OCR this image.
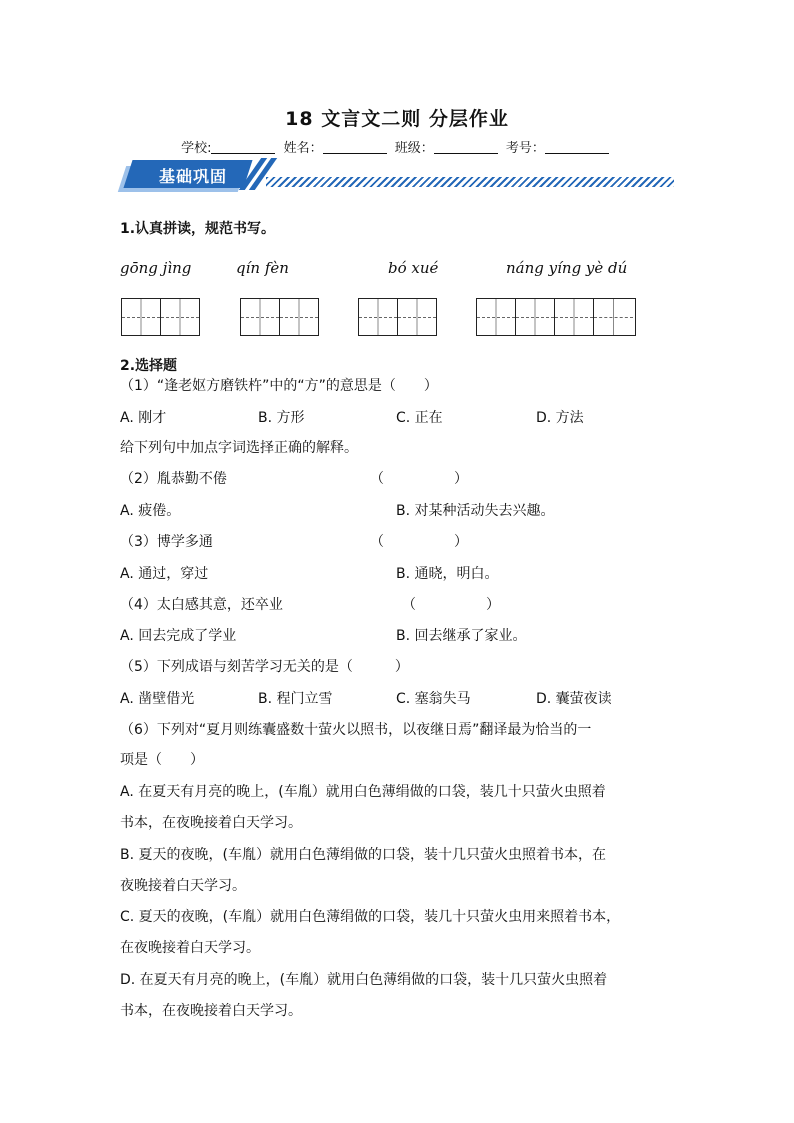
18 文言文二则 分层作业
学校:	姓名：	班级：	考号：
基础巩固
1.认真拼读，规范书写。
gōng jìng	qín fèn	bó xué	náng yíng yè dú
2.选择题
（1）“逢老妪方磨铁杵”中的“方”的意思是（　　）
A. 刚才	B. 方形	C. 正在	D. 方法
给下列句中加点字词选择正确的解释。
（2）胤恭勤不倦	（　　　　　）
A. 疲倦。	B. 对某种活动失去兴趣。
（3）博学多通	（　　　　　）
A. 通过，穿过	B. 通晓，明白。
（4）太白感其意，还卒业	（　　　　　）
A. 回去完成了学业	B. 回去继承了家业。
（5）下列成语与刻苦学习无关的是（　　　）
A. 凿壁借光	B. 程门立雪	C. 塞翁失马	D. 囊萤夜读
（6）下列对“夏月则练囊盛数十萤火以照书，以夜继日焉”翻译最为恰当的一
项是（　　）
A. 在夏天有月亮的晚上，(车胤）就用白色薄绢做的口袋，装几十只萤火虫照着
书本，在夜晚接着白天学习。
B. 夏天的夜晚，(车胤）就用白色薄绢做的口袋，装十几只萤火虫照着书本，在
夜晚接着白天学习。
C. 夏天的夜晚，(车胤）就用白色薄绢做的口袋，装几十只萤火虫用来照着书本，
在夜晚接着白天学习。
D. 在夏天有月亮的晚上，(车胤）就用白色薄绢做的口袋，装十几只萤火虫照着
书本，在夜晚接着白天学习。
